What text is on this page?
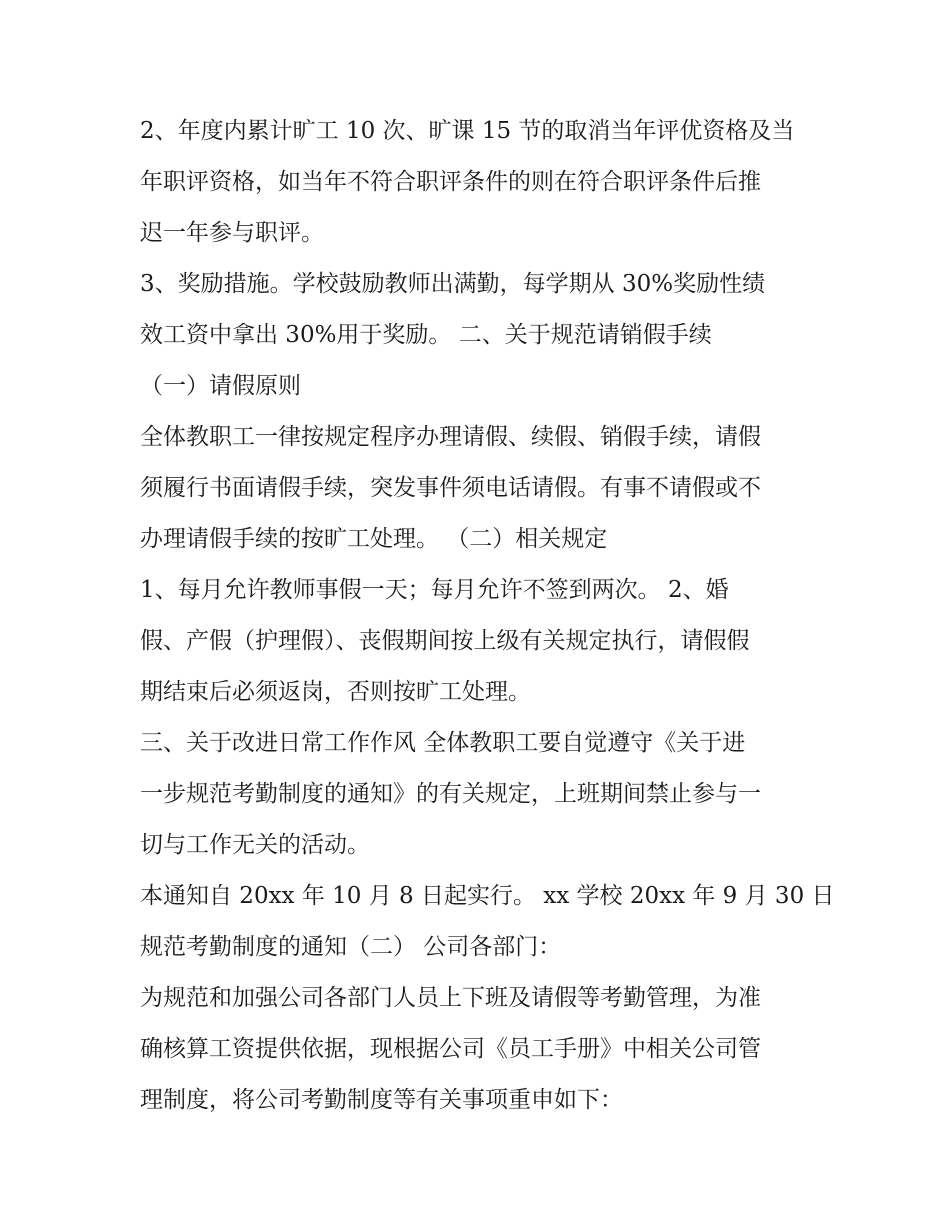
2、年度内累计旷工 10 次、旷课 15 节的取消当年评优资格及当
年职评资格，如当年不符合职评条件的则在符合职评条件后推
迟一年参与职评。
3、奖励措施。学校鼓励教师出满勤，每学期从 30%奖励性绩
效工资中拿出 30%用于奖励。 二、关于规范请销假手续
（一）请假原则
全体教职工一律按规定程序办理请假、续假、销假手续，请假
须履行书面请假手续，突发事件须电话请假。有事不请假或不
办理请假手续的按旷工处理。 （二）相关规定
1、每月允许教师事假一天；每月允许不签到两次。 2、婚
假、产假（护理假）、丧假期间按上级有关规定执行，请假假
期结束后必须返岗，否则按旷工处理。
三、关于改进日常工作作风 全体教职工要自觉遵守《关于进
一步规范考勤制度的通知》的有关规定，上班期间禁止参与一
切与工作无关的活动。
本通知自 20xx 年 10 月 8 日起实行。 xx 学校 20xx 年 9 月 30 日
规范考勤制度的通知（二） 公司各部门：
为规范和加强公司各部门人员上下班及请假等考勤管理，为准
确核算工资提供依据，现根据公司《员工手册》中相关公司管
理制度，将公司考勤制度等有关事项重申如下：
